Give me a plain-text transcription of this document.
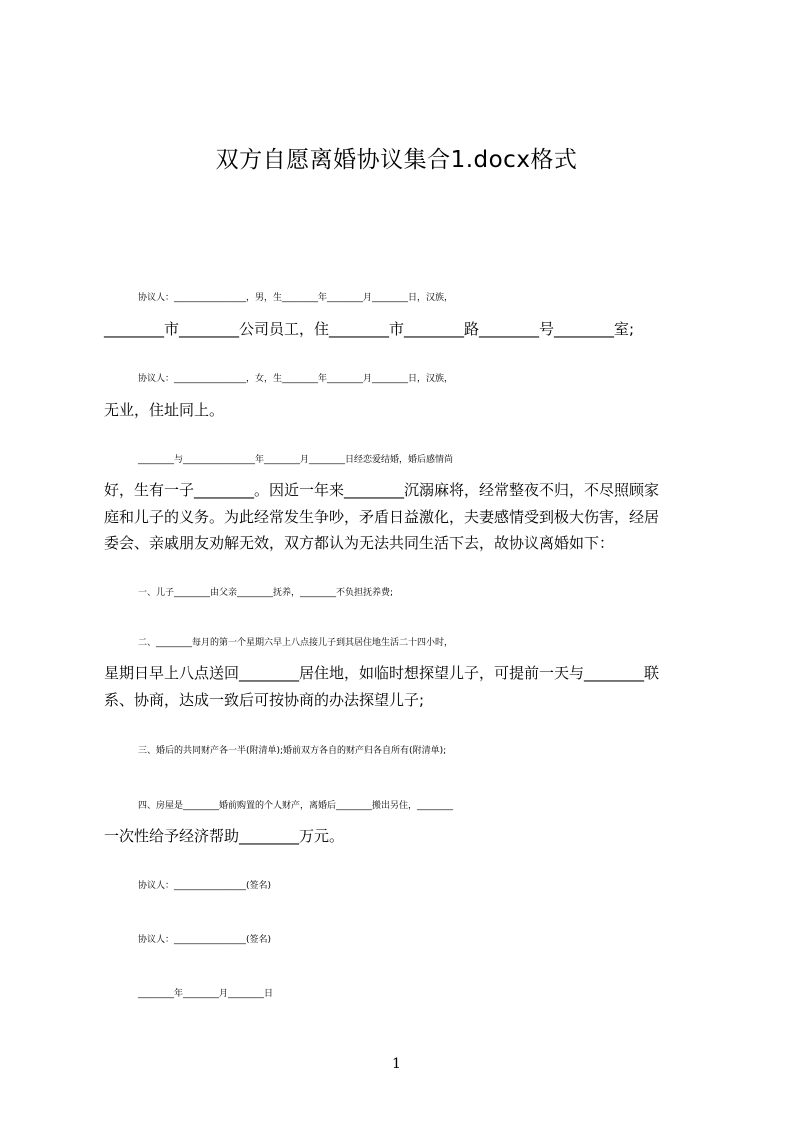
双方自愿离婚协议集合1.docx格式
协议人：________________，男，生________年________月________日，汉族，
________市________公司员工，住________市________路________号________室;
协议人：________________，女，生________年________月________日，汉族，
无业，住址同上。
________与________________年________月________日经恋爱结婚，婚后感情尚
好，生有一子________。因近一年来________沉溺麻将，经常整夜不归，不尽照顾家
庭和儿子的义务。为此经常发生争吵，矛盾日益激化，夫妻感情受到极大伤害，经居
委会、亲戚朋友劝解无效，双方都认为无法共同生活下去，故协议离婚如下：
一、儿子________由父亲________抚养，________不负担抚养费;
二、________每月的第一个星期六早上八点接儿子到其居住地生活二十四小时，
星期日早上八点送回________居住地，如临时想探望儿子，可提前一天与________联
系、协商，达成一致后可按协商的办法探望儿子;
三、婚后的共同财产各一半(附清单);婚前双方各自的财产归各自所有(附清单);
四、房屋是________婚前购置的个人财产，离婚后________搬出另住，________
一次性给予经济帮助________万元。
协议人：________________(签名)
协议人：________________(签名)
________年________月________日
1
